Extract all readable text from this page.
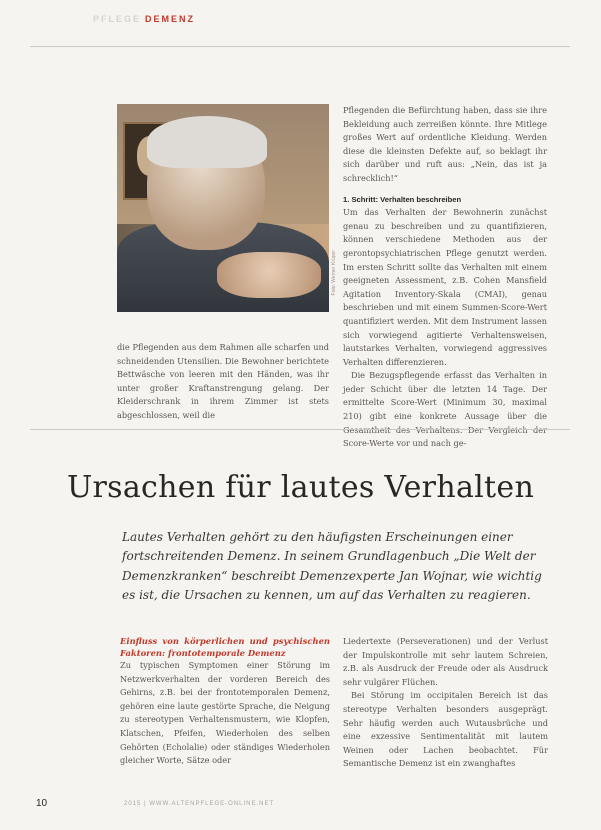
PFLEGE DEMENZ
Foto: Werner Krüper

die Pflegenden aus dem Rahmen alle scharfen und schneidenden Utensilien. Die Bewohner berichtete Bettwäsche von leeren mit den Händen, was ihr unter großer Kraftanstrengung gelang. Der Kleiderschrank in ihrem Zimmer ist stets abgeschlossen, weil die

Pflegenden die Befürchtung haben, dass sie ihre Bekleidung auch zerreißen könnte. Ihre Mitlege großes Wert auf ordentliche Kleidung. Werden diese die kleinsten Defekte auf, so beklagt ihr sich darüber und ruft aus: „Nein, das ist ja schrecklich!“

1. Schritt: Verhalten beschreiben

Um das Verhalten der Bewohnerin zunächst genau zu beschreiben und zu quantifizieren, können verschiedene Methoden aus der gerontopsychiatrischen Pflege genutzt werden. Im ersten Schritt sollte das Verhalten mit einem geeigneten Assessment, z.B. Cohen Mansfield Agitation Inventory-Skala (CMAI), genau beschrieben und mit einem Summen-Score-Wert quantifiziert werden. Mit dem Instrument lassen sich vorwiegend agitierte Verhaltensweisen, lautstarkes Verhalten, vorwiegend aggressives Verhalten differenzieren.

Die Bezugspflegende erfasst das Verhalten in jeder Schicht über die letzten 14 Tage. Der ermittelte Score-Wert (Minimum 30, maximal 210) gibt eine konkrete Aussage über die Score-Werte vor und nach ge-

Ursachen für lautes Verhalten
Lautes Verhalten gehört zu den häufigsten Erscheinungen einer fortschreitenden Demenz. In seinem Grundlagenbuch „Die Welt der Demenzkranken“ beschreibt Demenzexperte Jan Wojnar, wie wichtig es ist, die Ursachen zu kennen, um auf das Verhalten zu reagieren.

Einfluss von körperlichen und psychischen Faktoren: frontotemporale Demenz

Zu typischen Symptomen einer Störung im Netzwerkverhalten der vorderen Bereich des Gehirns, z.B. bei der frontotemporalen Demenz, gehören eine laute gestörte Sprache, die Neigung zu stereotypen Verhaltensmustern, wie Klopfen, Klatschen, Pfeifen, Wiederholen des selben Gehörten (Echolalie) oder ständiges Wiederholen gleicher Worte, Sätze oder

Liedertexte (Perseverationen) und der Verlust der Impulskontrolle mit sehr lautem Schreien, z.B. als Ausdruck der Freude oder als Ausdruck sehr vulgärer Flüchen.

Bei Störung im occipitalen Bereich ist das stereotype Verhalten besonders ausgeprägt. Sehr häufig werden auch Wutausbrüche und eine exzessive Sentimentalität mit lautem Weinen oder Lachen beobachtet. Für Semantische Demenz ist ein zwanghaftes

10	2015 | WWW.ALTENPFLEGE-ONLINE.NET
